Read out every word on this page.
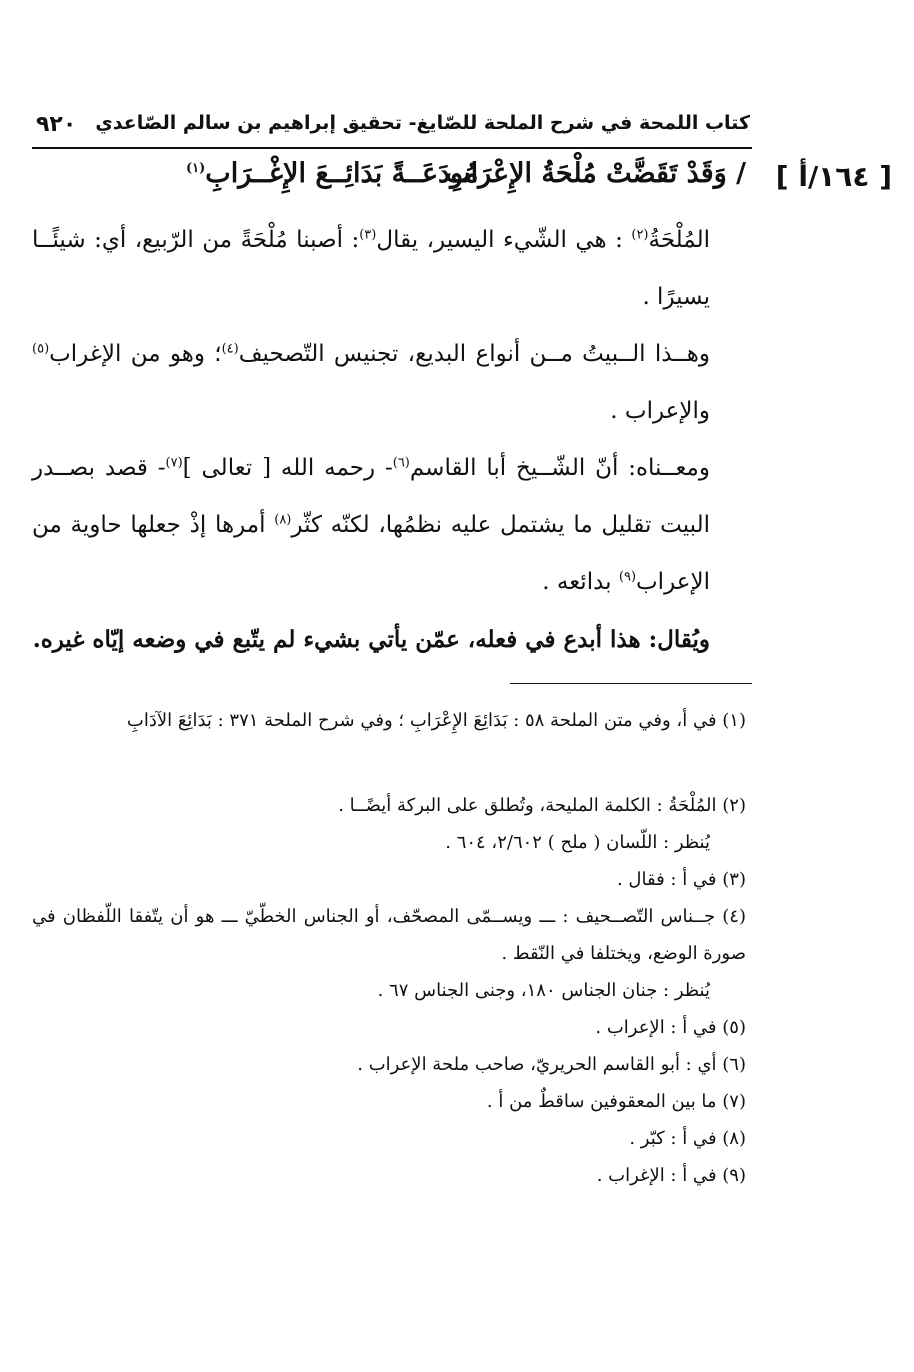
٩٢٠ كتاب اللمحة في شرح الملحة للصّايغ- تحقيق إبراهيم بن سالم الصّاعدي
[ ١٦٤/أ ]
/ وَقَدْ تَقَضَّتْ مُلْحَةُ الإِعْرَابِ
مُودَعَــةً بَدَائِــعَ الإِغْــرَابِ$^{(١)}$

المُلْحَةُ$^{(٢)}$ : هي الشّيء اليسير، يقال$^{(٣)}$: أصبنا مُلْحَةً من الرّبيع، أي: شيئًــا يسيرًا .

وهــذا الــبيتُ مــن أنواع البديع، تجنيس التّصحيف$^{(٤)}$؛ وهو من الإغراب$^{(٥)}$ والإعراب .

ومعــناه: أنّ الشّــيخ أبا القاسم$^{(٦)}$- رحمه الله [ تعالى ]$^{(٧)}$- قصد بصــدر البيت تقليل ما يشتمل عليه نظمُها، لكنّه كثّر$^{(٨)}$ أمرها إذْ جعلها حاوية من الإعراب$^{(٩)}$ بدائعه .

ويُقال: هذا أبدع في فعله، عمّن يأتي بشيء لم يتّبع في وضعه إيّاه غيره.

(١) في أ، وفي متن الملحة ٥٨ : بَدَائِعَ الإِعْرَابِ ؛ وفي شرح الملحة ٣٧١ : بَدَائِعَ الآدَابِ

(٢) المُلْحَةُ : الكلمة المليحة، وتُطلق على البركة أيضًــا .

يُنظر : اللّسان ( ملح ) ٢/٦٠٢، ٦٠٤ .

(٣) في أ : فقال .

(٤) جــناس التّصــحيف : ـــ ويســمّى المصحّف، أو الجناس الخطّيّ ـــ هو أن يتّفقا اللّفظان في صورة الوضع، ويختلفا في النّقط .

يُنظر : جنان الجناس ١٨٠، وجنى الجناس ٦٧ .

(٥) في أ : الإعراب .

(٦) أي : أبو القاسم الحريريّ، صاحب ملحة الإعراب .

(٧) ما بين المعقوفين ساقطٌ من أ .

(٨) في أ : كبّر .

(٩) في أ : الإغراب .
